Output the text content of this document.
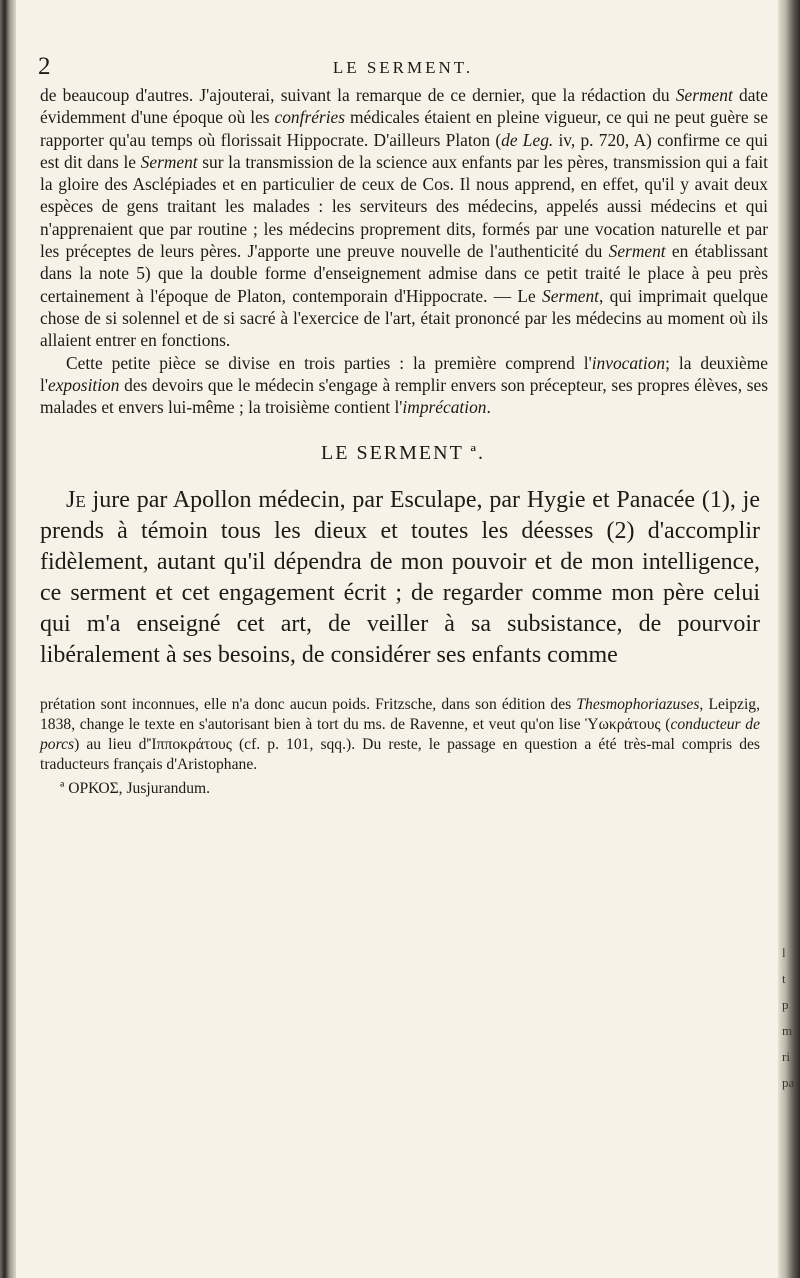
2	LE SERMENT.

de beaucoup d'autres. J'ajouterai, suivant la remarque de ce dernier, que la rédaction du Serment date évidemment d'une époque où les confréries médicales étaient en pleine vigueur, ce qui ne peut guère se rapporter qu'au temps où florissait Hippocrate. D'ailleurs Platon (de Leg. iv, p. 720, A) confirme ce qui est dit dans le Serment sur la transmission de la science aux enfants par les pères, transmission qui a fait la gloire des Asclépiades et en particulier de ceux de Cos. Il nous apprend, en effet, qu'il y avait deux espèces de gens traitant les malades : les serviteurs des médecins, appelés aussi médecins et qui n'apprenaient que par routine ; les médecins proprement dits, formés par une vocation naturelle et par les préceptes de leurs pères. J'apporte une preuve nouvelle de l'authenticité du Serment en établissant dans la note 5) que la double forme d'enseignement admise dans ce petit traité le place à peu près certainement à l'époque de Platon, contemporain d'Hippocrate. — Le Serment, qui imprimait quelque chose de si solennel et de si sacré à l'exercice de l'art, était prononcé par les médecins au moment où ils allaient entrer en fonctions.

Cette petite pièce se divise en trois parties : la première comprend l'invocation; la deuxième l'exposition des devoirs que le médecin s'engage à remplir envers son précepteur, ses propres élèves, ses malades et envers lui-même ; la troisième contient l'imprécation.

LE SERMENT ª.

Je jure par Apollon médecin, par Esculape, par Hygie et Panacée (1), je prends à témoin tous les dieux et toutes les déesses (2) d'accomplir fidèlement, autant qu'il dépendra de mon pouvoir et de mon intelligence, ce serment et cet engagement écrit ; de regarder comme mon père celui qui m'a enseigné cet art, de veiller à sa subsistance, de pourvoir libéralement à ses besoins, de considérer ses enfants comme

prétation sont inconnues, elle n'a donc aucun poids. Fritzsche, dans son édition des Thesmophoriazuses, Leipzig, 1838, change le texte en s'autorisant bien à tort du ms. de Ravenne, et veut qu'on lise Ὑωκράτους (conducteur de porcs) au lieu d'Ἱπποκράτους (cf. p. 101, sqq.). Du reste, le passage en question a été très-mal compris des traducteurs français d'Aristophane.

ª ΟΡΚΟΣ, Jusjurandum.
l
t
p
m
ri
pa
